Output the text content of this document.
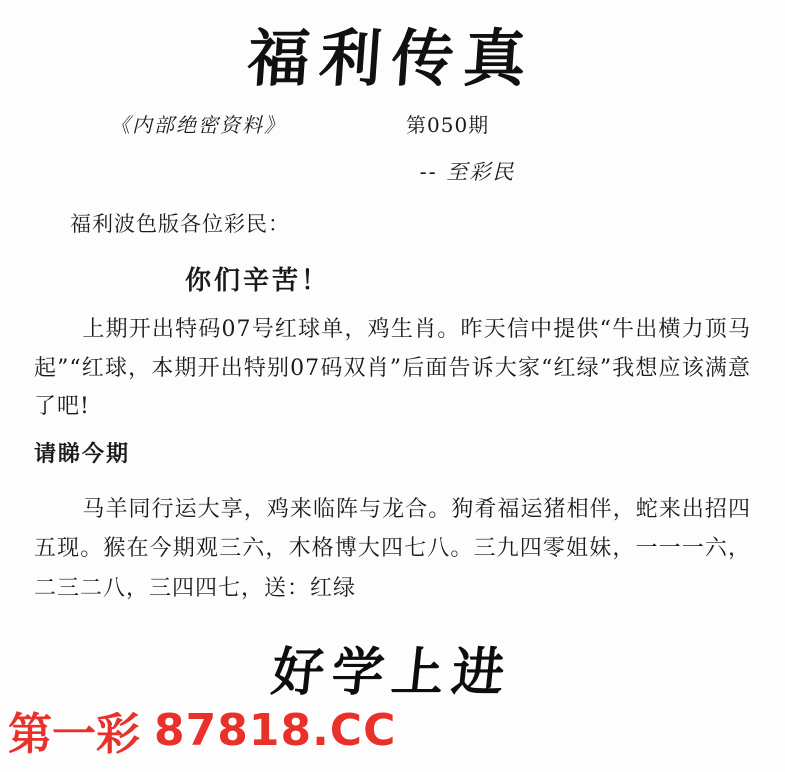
福利传真
《内部绝密资料》	第050期
-- 至彩民
福利波色版各位彩民：
你们辛苦！

上期开出特码07号红球单，鸡生肖。昨天信中提供“牛出横力顶马起”“红球，本期开出特别07码双肖”后面告诉大家“红绿”我想应该满意了吧!

请睇今期

马羊同行运大享，鸡来临阵与龙合。狗肴福运猪相伴，蛇来出招四五现。猴在今期观三六，木格博大四七八。三九四零姐妹，一一一六，二三二八，三四四七，送：红绿

好学上进
第一彩 87818.CC
